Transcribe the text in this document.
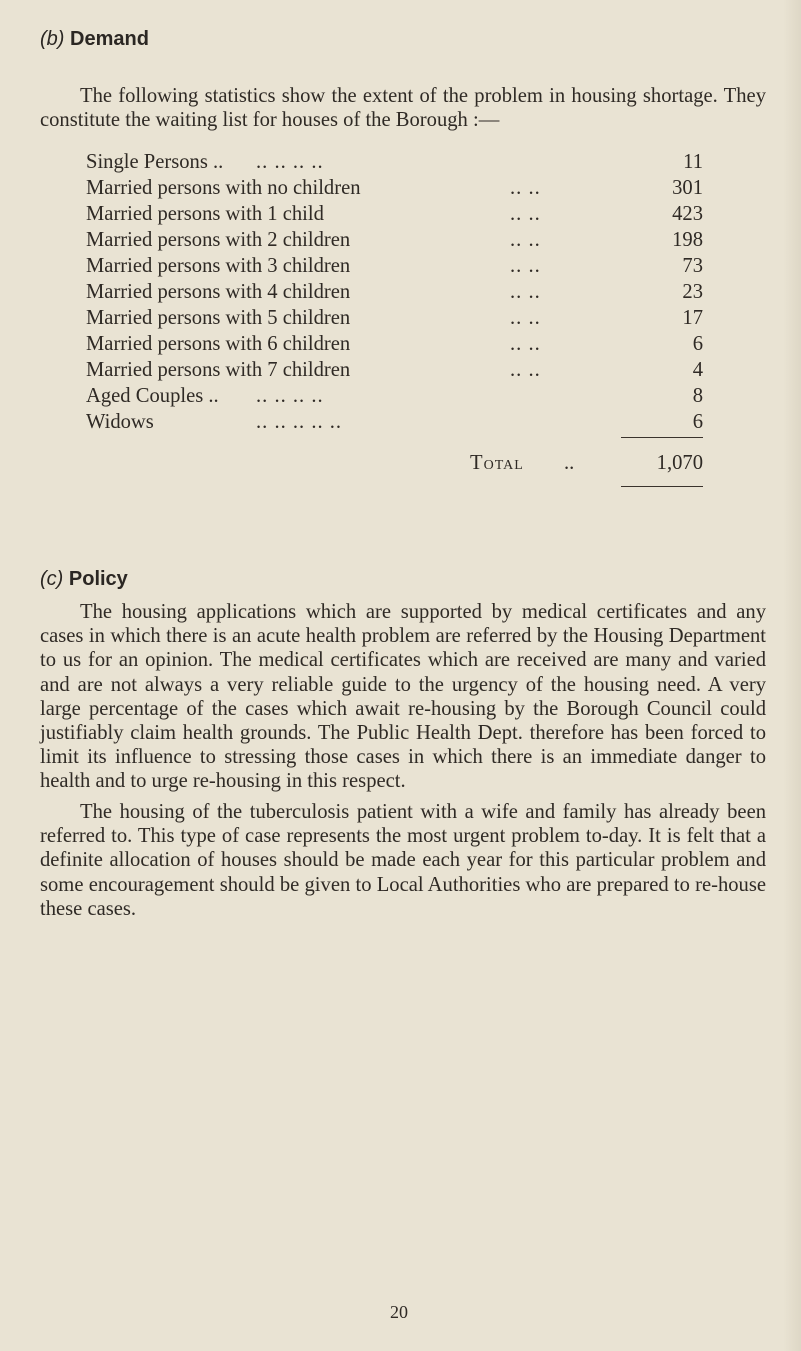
(b) Demand

The following statistics show the extent of the problem in housing shortage. They constitute the waiting list for houses of the Borough :—

Single Persons .. .. .. .. ..	11
Married persons with no children	.. ..	301
Married persons with 1 child	.. ..	423
Married persons with 2 children	.. ..	198
Married persons with 3 children	.. ..	73
Married persons with 4 children	.. ..	23
Married persons with 5 children	.. ..	17
Married persons with 6 children	.. ..	6
Married persons with 7 children	.. ..	4
Aged Couples .. .. .. .. ..	8
Widows	.. .. .. .. ..	6
Total ..	1,070
(c) Policy

The housing applications which are supported by medical certificates and any cases in which there is an acute health problem are referred by the Housing Department to us for an opinion. The medical certificates which are received are many and varied and are not always a very reliable guide to the urgency of the housing need. A very large percentage of the cases which await re-housing by the Borough Council could justifiably claim health grounds. The Public Health Dept. therefore has been forced to limit its influence to stressing those cases in which there is an immediate danger to health and to urge re-housing in this respect.

The housing of the tuberculosis patient with a wife and family has already been referred to. This type of case represents the most urgent problem to-day. It is felt that a definite allocation of houses should be made each year for this particular problem and some encouragement should be given to Local Authorities who are prepared to re-house these cases.

20
